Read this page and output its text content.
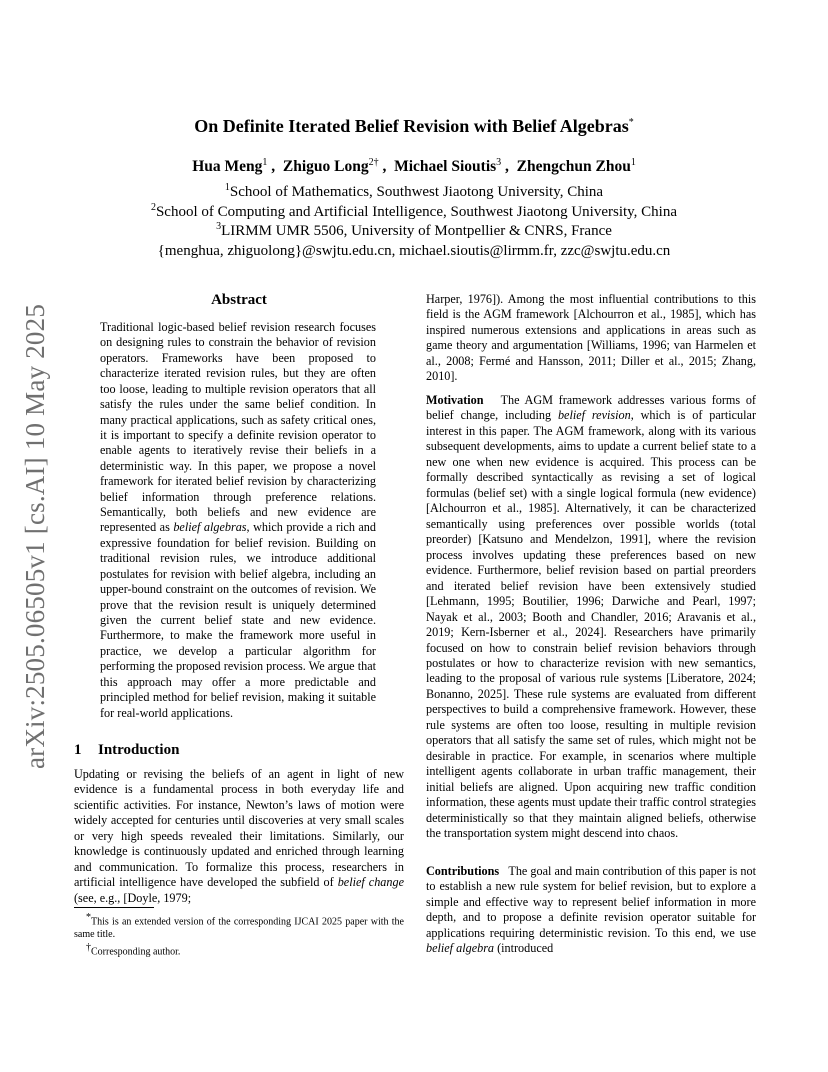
arXiv:2505.06505v1 [cs.AI] 10 May 2025
On Definite Iterated Belief Revision with Belief Algebras*
Hua Meng$^1$ ,  Zhiguo Long$^{2\dagger}$ ,  Michael Sioutis$^3$ ,  Zhengchun Zhou$^1$
$^1$School of Mathematics, Southwest Jiaotong University, China
$^2$School of Computing and Artificial Intelligence, Southwest Jiaotong University, China
$^3$LIRMM UMR 5506, University of Montpellier & CNRS, France
{menghua, zhiguolong}@swjtu.edu.cn, michael.sioutis@lirmm.fr, zzc@swjtu.edu.cn
Abstract
Traditional logic-based belief revision research focuses on designing rules to constrain the behavior of revision operators. Frameworks have been proposed to characterize iterated revision rules, but they are often too loose, leading to multiple revision operators that all satisfy the rules under the same belief condition. In many practical applications, such as safety critical ones, it is important to specify a definite revision operator to enable agents to iteratively revise their beliefs in a deterministic way. In this paper, we propose a novel framework for iterated belief revision by characterizing belief information through preference relations. Semantically, both beliefs and new evidence are represented as belief algebras, which provide a rich and expressive foundation for belief revision. Building on traditional revision rules, we introduce additional postulates for revision with belief algebra, including an upper-bound constraint on the outcomes of revision. We prove that the revision result is uniquely determined given the current belief state and new evidence. Furthermore, to make the framework more useful in practice, we develop a particular algorithm for performing the proposed revision process. We argue that this approach may offer a more predictable and principled method for belief revision, making it suitable for real-world applications.
1 Introduction
Updating or revising the beliefs of an agent in light of new evidence is a fundamental process in both everyday life and scientific activities. For instance, Newton’s laws of motion were widely accepted for centuries until discoveries at very small scales or very high speeds revealed their limitations. Similarly, our knowledge is continuously updated and enriched through learning and communication. To formalize this process, researchers in artificial intelligence have developed the subfield of belief change (see, e.g., [Doyle, 1979;
*This is an extended version of the corresponding IJCAI 2025 paper with the same title.
†Corresponding author.
Harper, 1976]). Among the most influential contributions to this field is the AGM framework [Alchourron et al., 1985], which has inspired numerous extensions and applications in areas such as game theory and argumentation [Williams, 1996; van Harmelen et al., 2008; Fermé and Hansson, 2011; Diller et al., 2015; Zhang, 2010].
Motivation The AGM framework addresses various forms of belief change, including belief revision, which is of particular interest in this paper. The AGM framework, along with its various subsequent developments, aims to update a current belief state to a new one when new evidence is acquired. This process can be formally described syntactically as revising a set of logical formulas (belief set) with a single logical formula (new evidence) [Alchourron et al., 1985]. Alternatively, it can be characterized semantically using preferences over possible worlds (total preorder) [Katsuno and Mendelzon, 1991], where the revision process involves updating these preferences based on new evidence. Furthermore, belief revision based on partial preorders and iterated belief revision have been extensively studied [Lehmann, 1995; Boutilier, 1996; Darwiche and Pearl, 1997; Nayak et al., 2003; Booth and Chandler, 2016; Aravanis et al., 2019; Kern-Isberner et al., 2024]. Researchers have primarily focused on how to constrain belief revision behaviors through postulates or how to characterize revision with new semantics, leading to the proposal of various rule systems [Liberatore, 2024; Bonanno, 2025]. These rule systems are evaluated from different perspectives to build a comprehensive framework. However, these rule systems are often too loose, resulting in multiple revision operators that all satisfy the same set of rules, which might not be desirable in practice. For example, in scenarios where multiple intelligent agents collaborate in urban traffic management, their initial beliefs are aligned. Upon acquiring new traffic condition information, these agents must update their traffic control strategies deterministically so that they maintain aligned beliefs, otherwise the transportation system might descend into chaos.
Contributions The goal and main contribution of this paper is not to establish a new rule system for belief revision, but to explore a simple and effective way to represent belief information in more depth, and to propose a definite revision operator suitable for applications requiring deterministic revision. To this end, we use belief algebra (introduced
